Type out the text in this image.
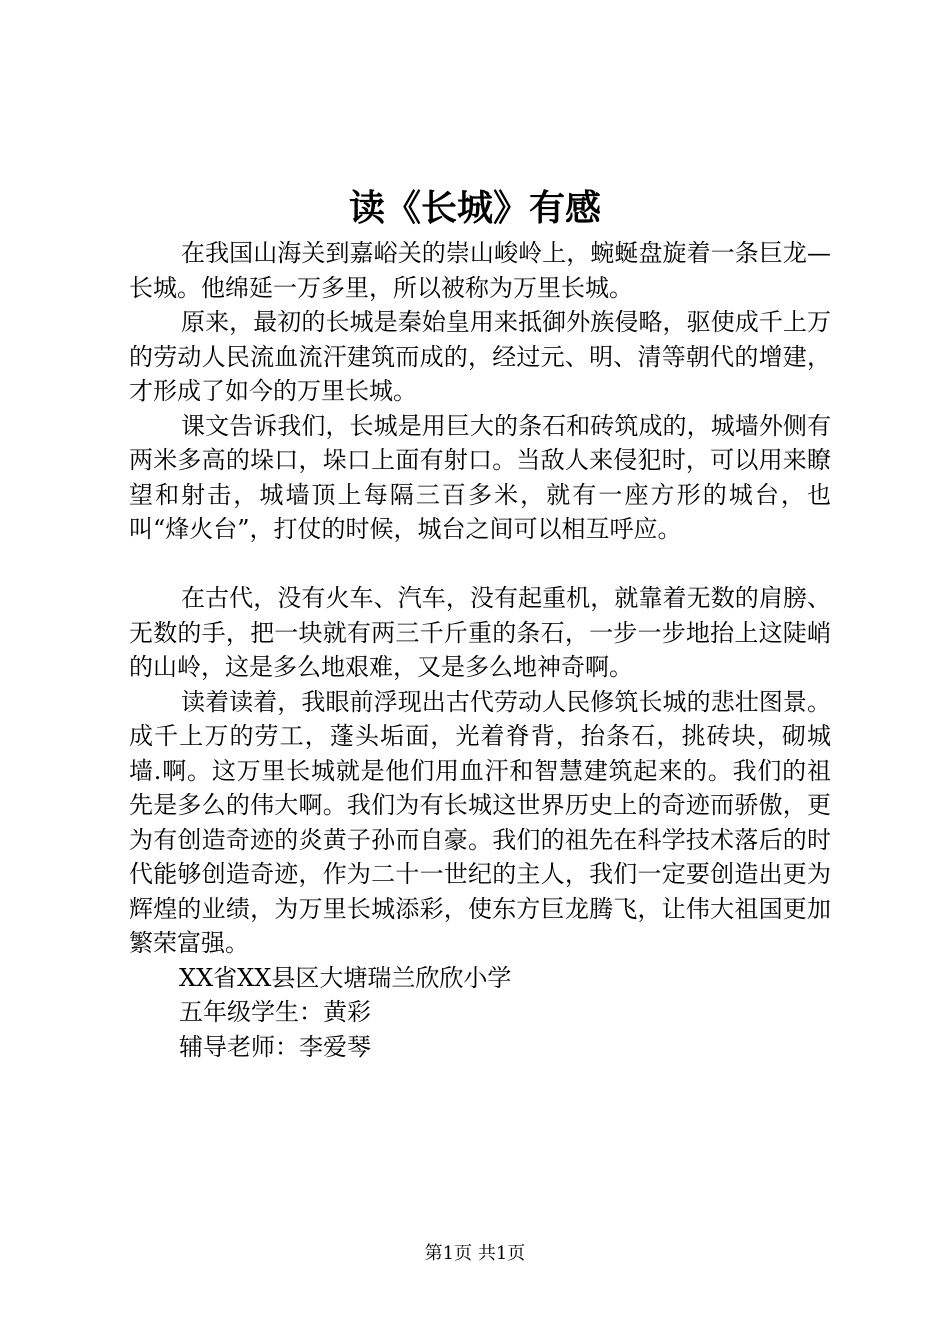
读《长城》有感

在我国山海关到嘉峪关的崇山峻岭上，蜿蜒盘旋着一条巨龙—长城。他绵延一万多里，所以被称为万里长城。

原来，最初的长城是秦始皇用来抵御外族侵略，驱使成千上万的劳动人民流血流汗建筑而成的，经过元、明、清等朝代的增建，才形成了如今的万里长城。

课文告诉我们，长城是用巨大的条石和砖筑成的，城墙外侧有两米多高的垛口，垛口上面有射口。当敌人来侵犯时，可以用来瞭望和射击，城墙顶上每隔三百多米，就有一座方形的城台，也叫“烽火台”，打仗的时候，城台之间可以相互呼应。

在古代，没有火车、汽车，没有起重机，就靠着无数的肩膀、无数的手，把一块就有两三千斤重的条石，一步一步地抬上这陡峭的山岭，这是多么地艰难，又是多么地神奇啊。

读着读着，我眼前浮现出古代劳动人民修筑长城的悲壮图景。成千上万的劳工，蓬头垢面，光着脊背，抬条石，挑砖块，砌城墙.啊。这万里长城就是他们用血汗和智慧建筑起来的。我们的祖先是多么的伟大啊。我们为有长城这世界历史上的奇迹而骄傲，更为有创造奇迹的炎黄子孙而自豪。我们的祖先在科学技术落后的时代能够创造奇迹，作为二十一世纪的主人，我们一定要创造出更为辉煌的业绩，为万里长城添彩，使东方巨龙腾飞，让伟大祖国更加繁荣富强。

XX省XX县区大塘瑞兰欣欣小学

五年级学生：黄彩

辅导老师：李爱琴

第1页 共1页
